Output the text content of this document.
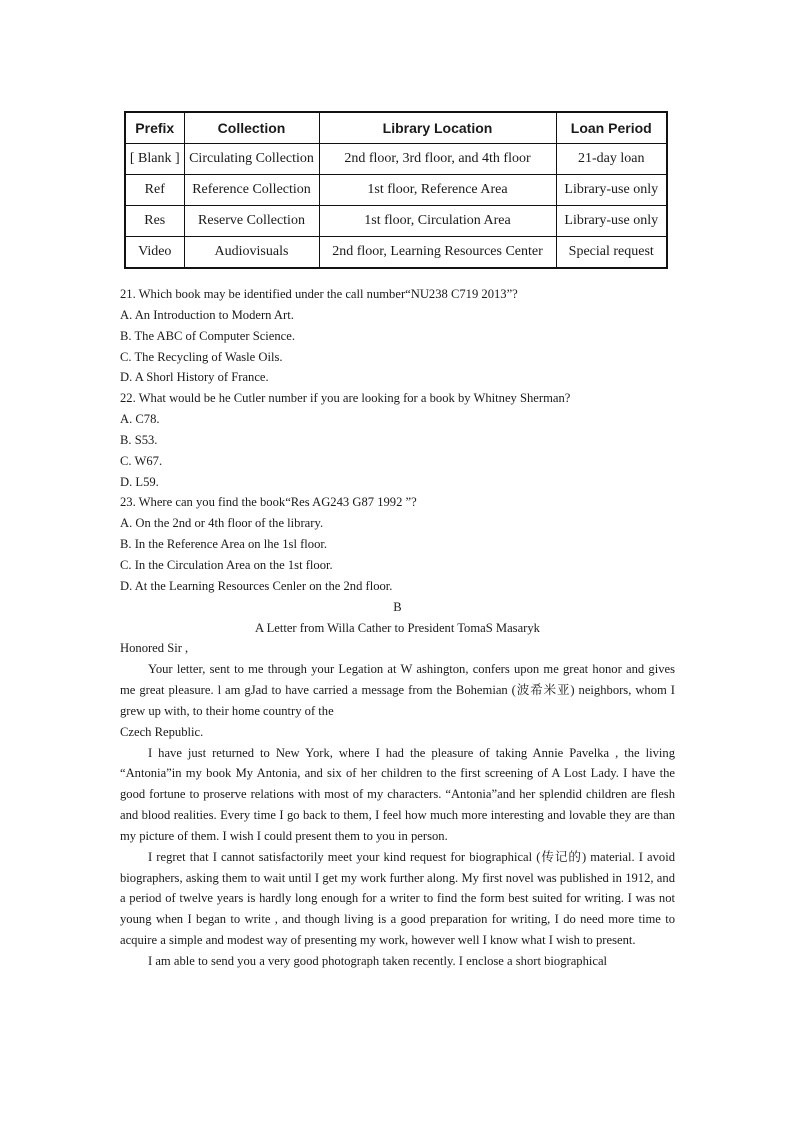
Prefix	Collection	Library Location	Loan Period
[ Blank ]	Circulating Collection	2nd floor, 3rd floor, and 4th floor	21-day loan
Ref	Reference Collection	1st floor, Reference Area	Library-use only
Res	Reserve Collection	1st floor, Circulation Area	Library-use only
Video	Audiovisuals	2nd floor, Learning Resources Center	Special request

21. Which book may be identified under the call number“NU238 C719 2013”?

A. An Introduction to Modern Art.

B. The ABC of Computer Science.

C. The Recycling of Wasle Oils.

D. A Shorl History of France.

22. What would be he Cutler number if you are looking for a book by Whitney Sherman?

A. C78.

B. S53.

C. W67.

D. L59.

23. Where can you find the book“Res AG243 G87 1992 ”?

A. On the 2nd or 4th floor of the library.

B. In the Reference Area on lhe 1sl floor.

C. In the Circulation Area on the 1st floor.

D. At the Learning Resources Cenler on the 2nd floor.

B

A Letter from Willa Cather to President TomaS Masaryk

Honored Sir ,

Your letter, sent to me through your Legation at W ashington, confers upon me great honor and gives me great pleasure. l am gJad to have carried a message from the Bohemian (波希米亚) neighbors, whom I grew up with, to their home country of the

Czech Republic.

I have just returned to New York, where I had the pleasure of taking Annie Pavelka , the living “Antonia”in my book My Antonia, and six of her children to the first screening of A Lost Lady. I have the good fortune to proserve relations with most of my characters. “Antonia”and her splendid children are flesh and blood realities. Every time I go back to them, I feel how much more interesting and lovable they are than my picture of them. I wish I could present them to you in person.

I regret that I cannot satisfactorily meet your kind request for biographical (传记的) material. I avoid biographers, asking them to wait until I get my work further along. My first novel was published in 1912, and a period of twelve years is hardly long enough for a writer to find the form best suited for writing. I was not young when I began to write , and though living is a good preparation for writing, I do need more time to acquire a simple and modest way of presenting my work, however well I know what I wish to present.

I am able to send you a very good photograph taken recently. I enclose a short biographical
